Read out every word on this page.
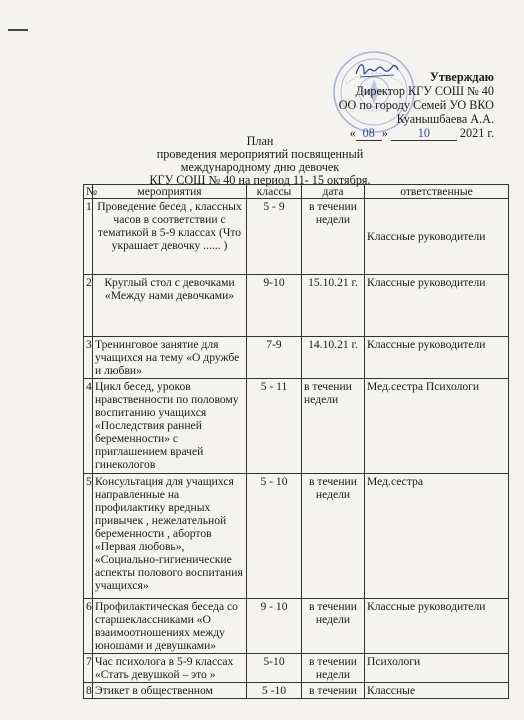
Утверждаю
Директор КГУ СОШ № 40
ОО по городу Семей УО ВКО
Куанышбаева А.А.
« 08 » 10 2021 г.
План
проведения мероприятий посвященный
международному дню девочек
КГУ СОШ № 40 на период 11- 15 октября.
№	мероприятия	классы	дата	ответственные
1	Проведение бесед , классных часов в соответствии с тематикой в 5-9 классах (Что украшает девочку ...... )	5 - 9	в течении недели	Классные руководители
2	Круглый стол с девочками «Между нами девочками»	9-10	15.10.21 г.	Классные руководители
3	Тренинговое занятие для учащихся на тему «О дружбе и любви»	7-9	14.10.21 г.	Классные руководители
4	Цикл бесед, уроков нравственности по половому воспитанию учащихся «Последствия ранней беременности» с приглашением врачей гинекологов	5 - 11	в течении недели	Мед.сестра Психологи
5	Консультация для учащихся направленные на профилактику вредных привычек , нежелательной беременности , абортов «Первая любовь», «Социально-гигиенические аспекты полового воспитания учащихся»	5 - 10	в течении недели	Мед.сестра
6	Профилактическая беседа со старшеклассниками «О взаимоотношениях между юношами и девушками»	9 - 10	в течении недели	Классные руководители
7	Час психолога в 5-9 классах «Стать девушкой – это »	5-10	в течении недели	Психологи
8	Этикет в общественном	5 -10	в течении	Классные
